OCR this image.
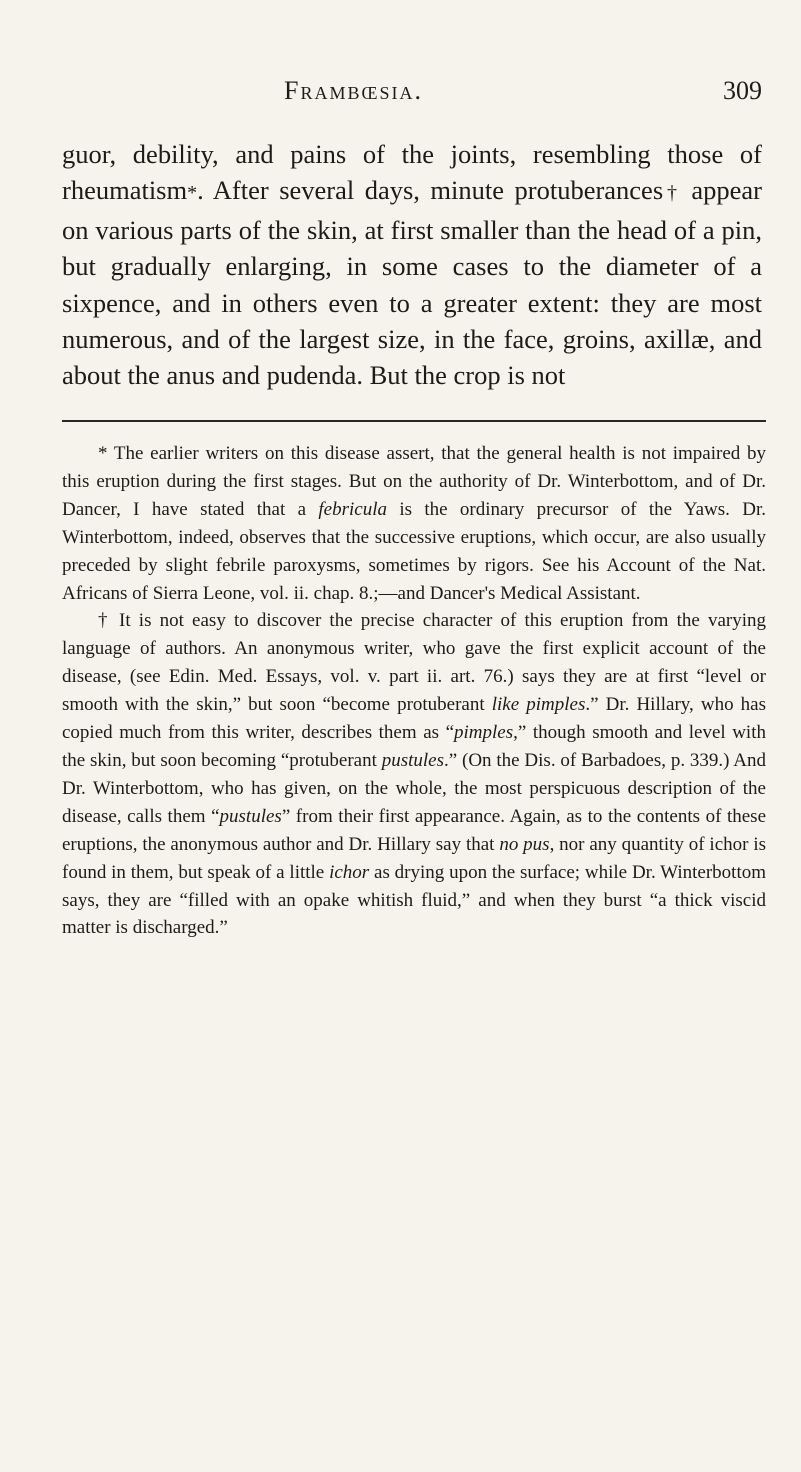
Frambœsia.	309

guor, debility, and pains of the joints, resembling those of rheumatism*. After several days, minute protuberances† appear on various parts of the skin, at first smaller than the head of a pin, but gradually enlarging, in some cases to the diameter of a sixpence, and in others even to a greater extent: they are most numerous, and of the largest size, in the face, groins, axillæ, and about the anus and pudenda. But the crop is not

* The earlier writers on this disease assert, that the general health is not impaired by this eruption during the first stages. But on the authority of Dr. Winterbottom, and of Dr. Dancer, I have stated that a febricula is the ordinary precursor of the Yaws. Dr. Winterbottom, indeed, observes that the successive eruptions, which occur, are also usually preceded by slight febrile paroxysms, sometimes by rigors. See his Account of the Nat. Africans of Sierra Leone, vol. ii. chap. 8.;—and Dancer's Medical Assistant.

† It is not easy to discover the precise character of this eruption from the varying language of authors. An anonymous writer, who gave the first explicit account of the disease, (see Edin. Med. Essays, vol. v. part ii. art. 76.) says they are at first “level or smooth with the skin,” but soon “become protuberant like pimples.” Dr. Hillary, who has copied much from this writer, describes them as “pimples,” though smooth and level with the skin, but soon becoming “protuberant pustules.” (On the Dis. of Barbadoes, p. 339.) And Dr. Winterbottom, who has given, on the whole, the most perspicuous description of the disease, calls them “pustules” from their first appearance. Again, as to the contents of these eruptions, the anonymous author and Dr. Hillary say that no pus, nor any quantity of ichor is found in them, but speak of a little ichor as drying upon the surface; while Dr. Winterbottom says, they are “filled with an opake whitish fluid,” and when they burst “a thick viscid matter is discharged.”
